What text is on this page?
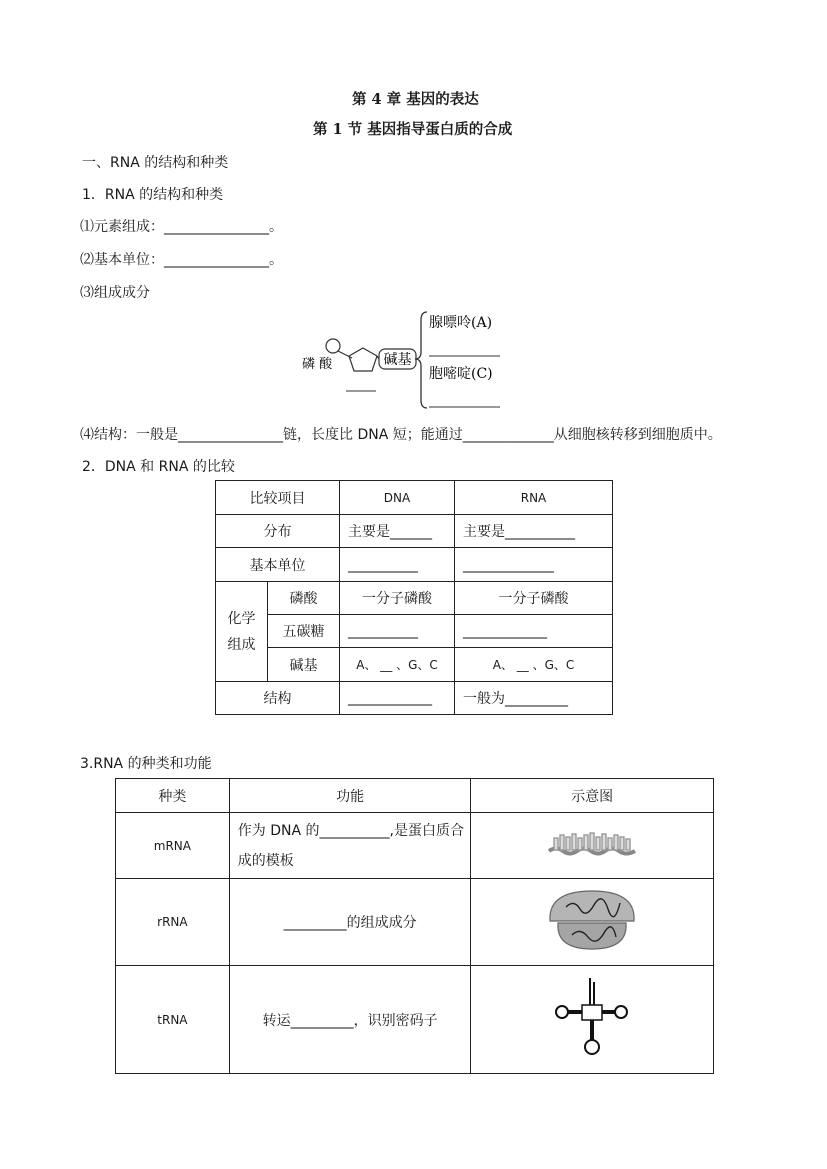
第 4 章 基因的表达
第 1 节 基因指导蛋白质的合成
一、RNA 的结构和种类
1．RNA 的结构和种类
⑴元素组成：_______________。
⑵基本单位：_______________。
⑶组成成分
碱基
磷 酸
腺嘌呤(A)
胞嘧啶(C)
⑷结构：一般是_______________链，长度比 DNA 短；能通过_____________从细胞核转移到细胞质中。
2．DNA 和 RNA 的比较
比较项目		DNA	RNA
分布		主要是______	主要是__________
基本单位		__________	_____________
化学
组成	磷酸	一分子磷酸	一分子磷酸
	五碳糖	__________	____________
	碱基	A、 __ 、G、C	A、 __ 、G、C
结构		____________	一般为_________
3.RNA 的种类和功能
种类	功能	示意图
mRNA	作为 DNA 的__________,是蛋白质合成的模板	
rRNA	_________的组成成分	
tRNA	转运_________，识别密码子	
